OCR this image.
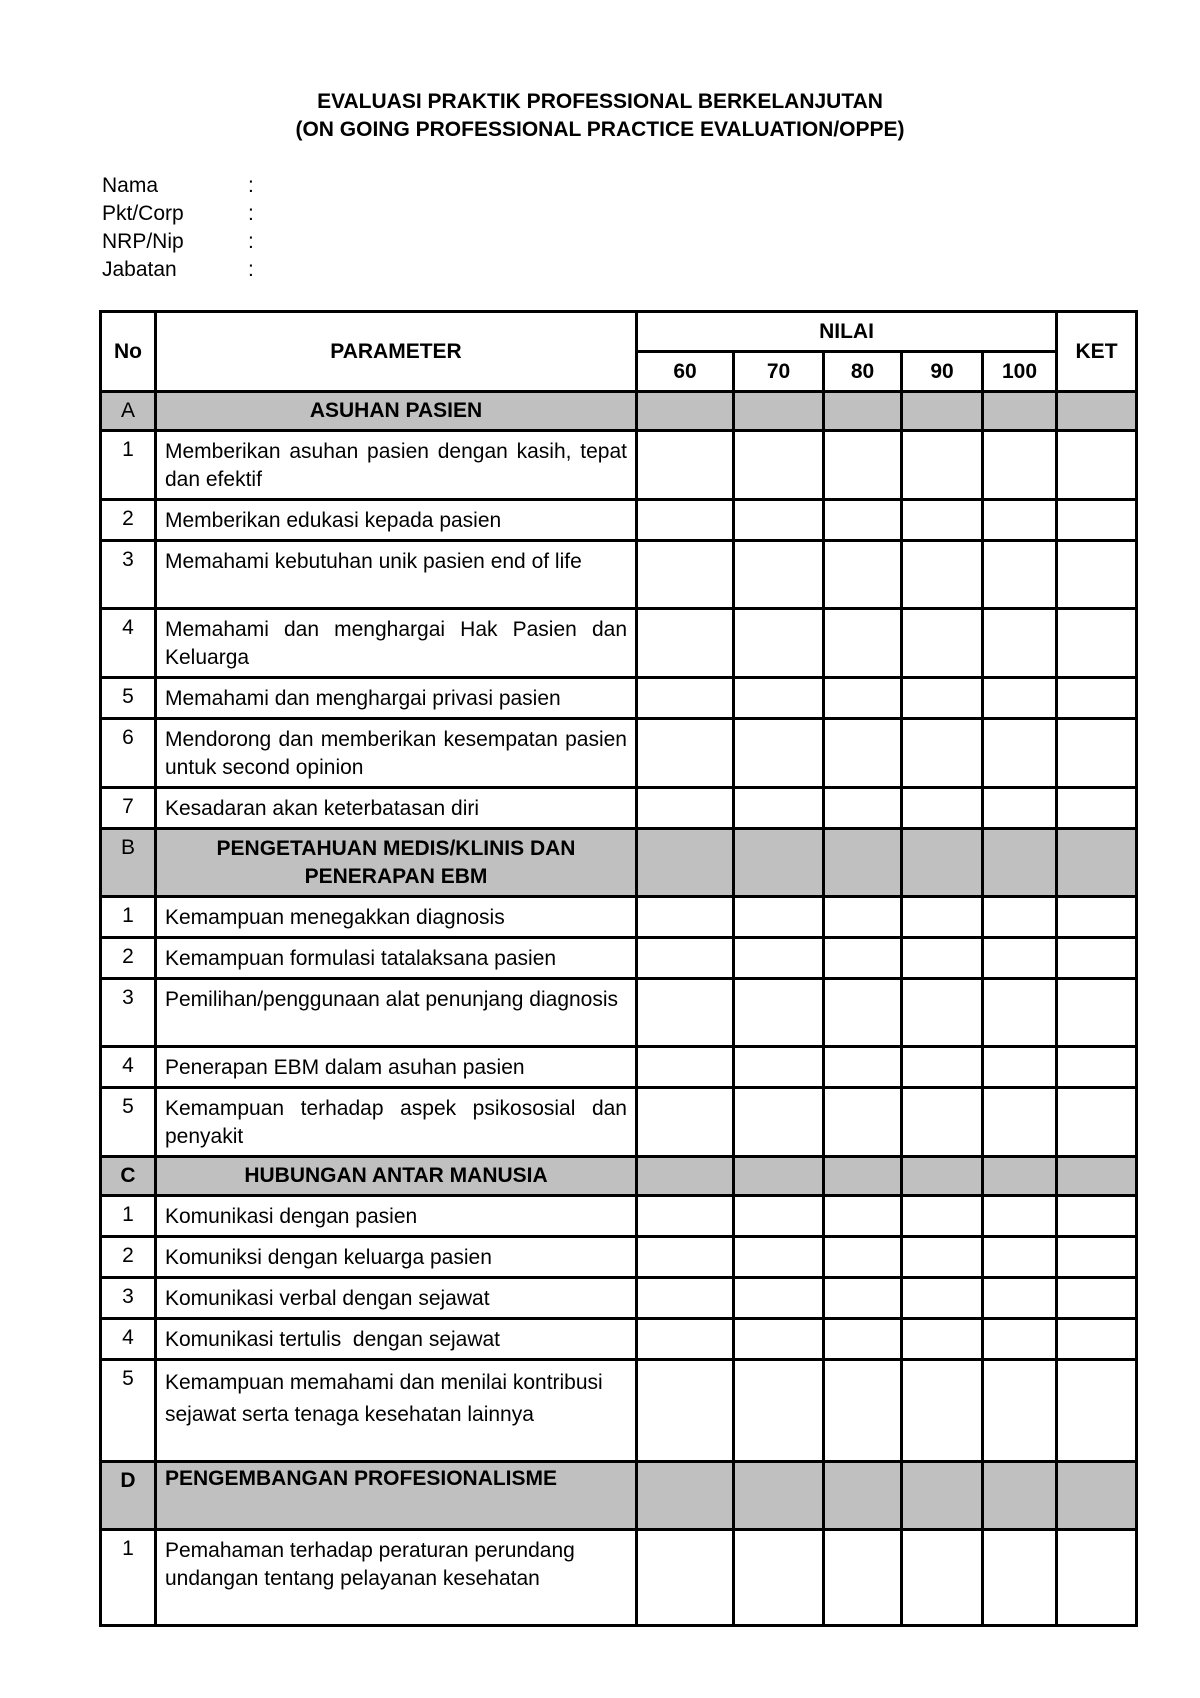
EVALUASI PRAKTIK PROFESSIONAL BERKELANJUTAN
(ON GOING PROFESSIONAL PRACTICE EVALUATION/OPPE)
Nama	:
Pkt/Corp	:
NRP/Nip	:
Jabatan	:
No	PARAMETER	NILAI					KET
		60	70	80	90	100	
A	ASUHAN PASIEN						
1	Memberikan asuhan pasien dengan kasih, tepat dan efektif						
2	Memberikan edukasi kepada pasien						
3	Memahami kebutuhan unik pasien end of life						
4	Memahami dan menghargai Hak Pasien dan Keluarga						
5	Memahami dan menghargai privasi pasien						
6	Mendorong dan memberikan kesempatan pasien untuk second opinion						
7	Kesadaran akan keterbatasan diri						
B	PENGETAHUAN MEDIS/KLINIS DAN PENERAPAN EBM						
1	Kemampuan menegakkan diagnosis						
2	Kemampuan formulasi tatalaksana pasien						
3	Pemilihan/penggunaan alat penunjang diagnosis						
4	Penerapan EBM dalam asuhan pasien						
5	Kemampuan terhadap aspek psikososial dan penyakit						
C	HUBUNGAN ANTAR MANUSIA						
1	Komunikasi dengan pasien						
2	Komuniksi dengan keluarga pasien						
3	Komunikasi verbal dengan sejawat						
4	Komunikasi tertulis  dengan sejawat						
5	Kemampuan memahami dan menilai kontribusi sejawat serta tenaga kesehatan lainnya						
D	PENGEMBANGAN PROFESIONALISME						
1	Pemahaman terhadap peraturan perundang undangan tentang pelayanan kesehatan						
